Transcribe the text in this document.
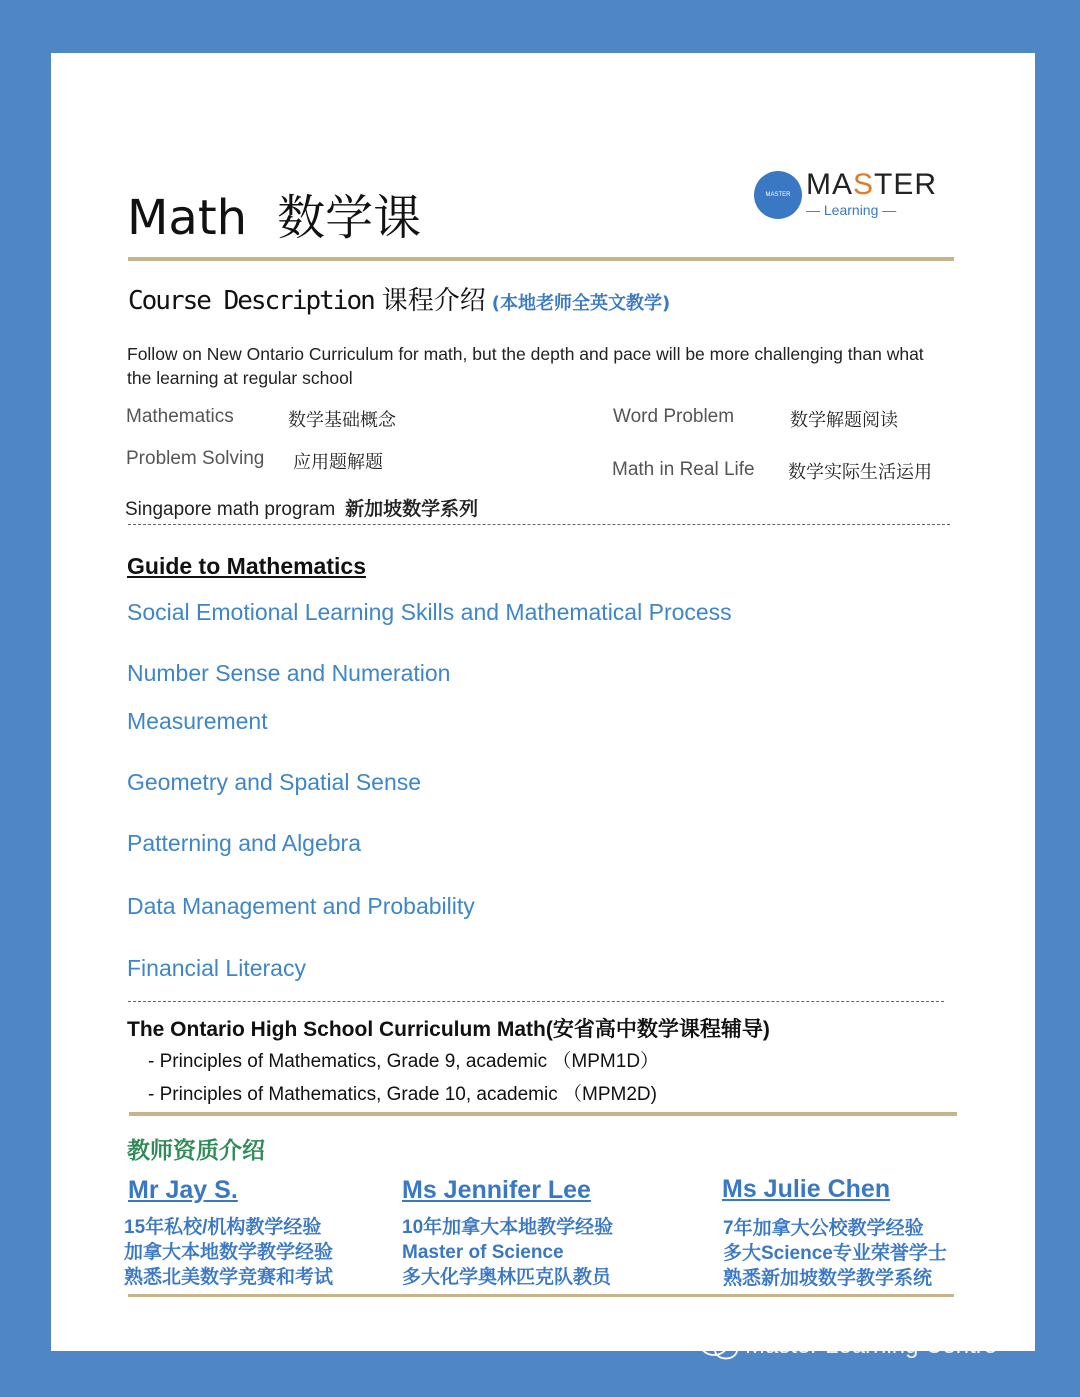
Math 数学课	MASTER MASTER
— Learning —
Course Description 课程介绍 (本地老师全英文教学)
Follow on New Ontario Curriculum for math, but the depth and pace will be more challenging than what the learning at regular school
Mathematics	数学基础概念	Word Problem	数学解题阅读
Problem Solving 应用题解题	Math in Real Life 数学实际生活运用
Singapore math program 新加坡数学系列
Guide to Mathematics
Social Emotional Learning Skills and Mathematical Process
Number Sense and Numeration
Measurement
Geometry and Spatial Sense
Patterning and Algebra
Data Management and Probability
Financial Literacy
The Ontario High School Curriculum Math(安省高中数学课程辅导)
- Principles of Mathematics, Grade 9, academic （MPM1D）
- Principles of Mathematics, Grade 10, academic （MPM2D)
教师资质介绍
Mr Jay S.
15年私校/机构教学经验
加拿大本地数学教学经验
熟悉北美数学竞赛和考试
Ms Jennifer Lee
10年加拿大本地教学经验
Master of Science
多大化学奥林匹克队教员
Ms Julie Chen
7年加拿大公校教学经验
多大Science专业荣誉学士
熟悉新加坡数学教学系统
Master Learning Centre
